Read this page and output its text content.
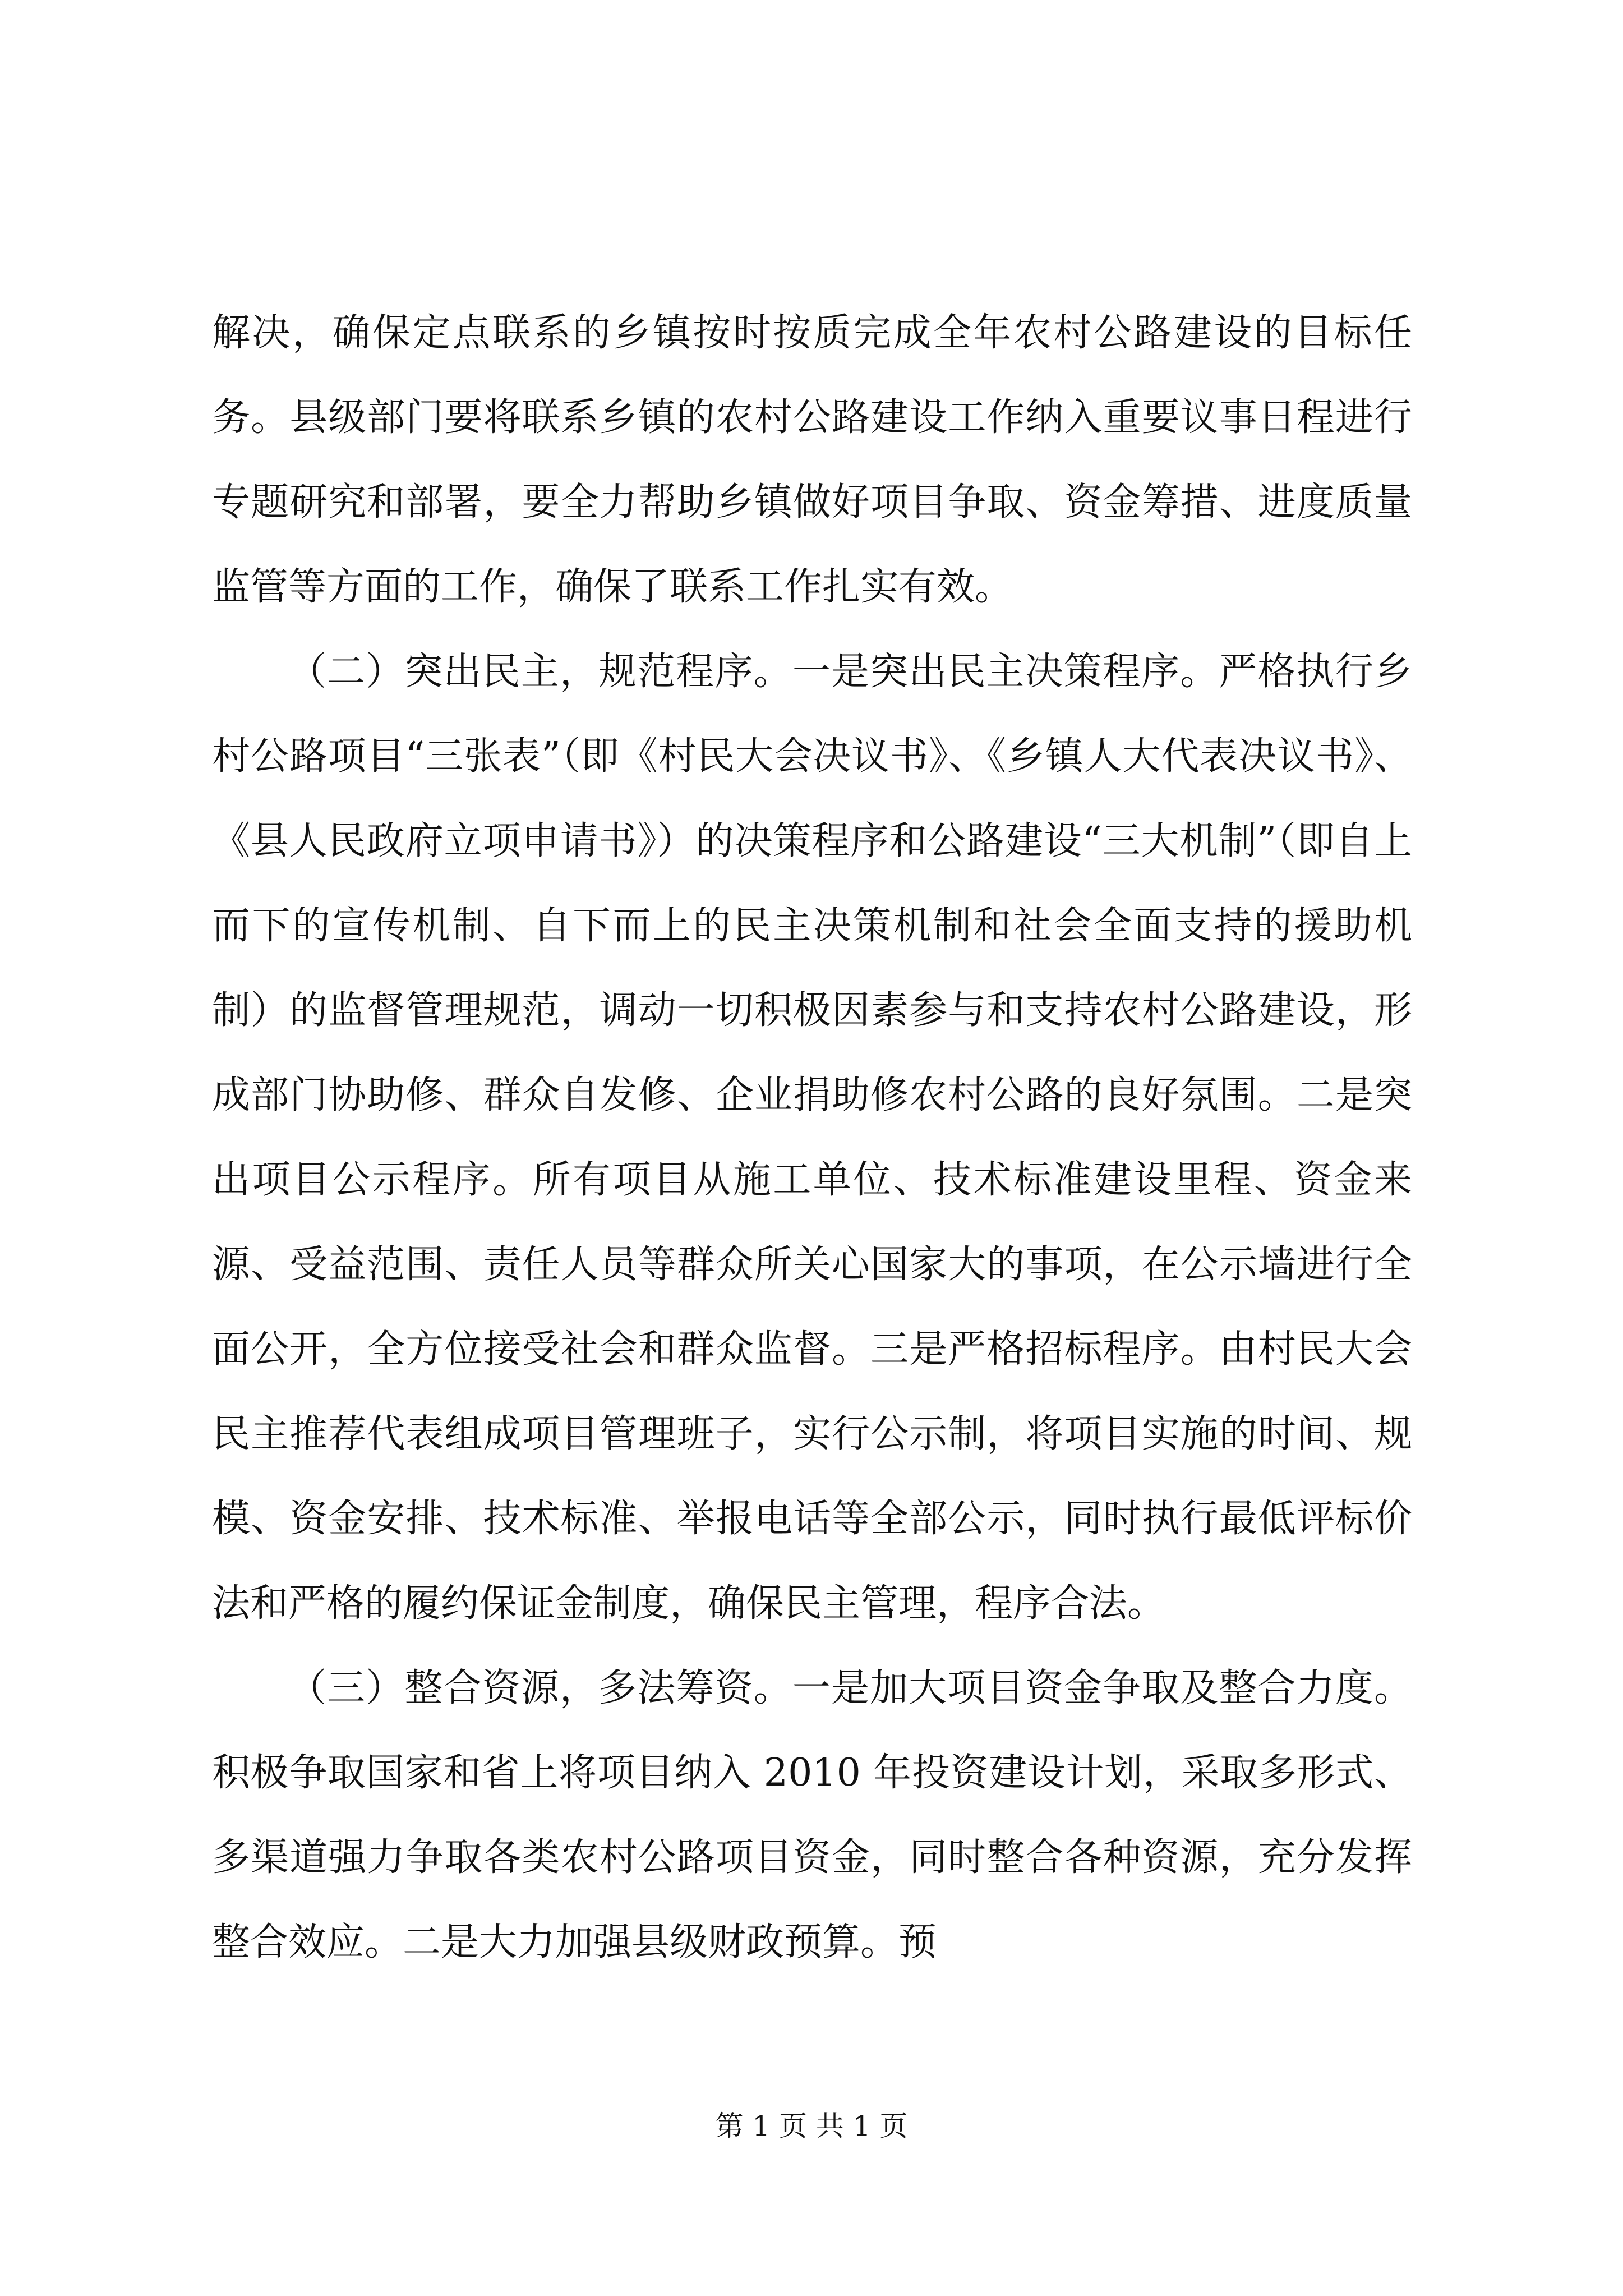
解决，确保定点联系的乡镇按时按质完成全年农村公路建设的目标任务。县级部门要将联系乡镇的农村公路建设工作纳入重要议事日程进行专题研究和部署，要全力帮助乡镇做好项目争取、资金筹措、进度质量监管等方面的工作，确保了联系工作扎实有效。

（二）突出民主，规范程序。一是突出民主决策程序。严格执行乡村公路项目“三张表”（即《村民大会决议书》、《乡镇人大代表决议书》、《县人民政府立项申请书》）的决策程序和公路建设“三大机制”（即自上而下的宣传机制、自下而上的民主决策机制和社会全面支持的援助机制）的监督管理规范，调动一切积极因素参与和支持农村公路建设，形成部门协助修、群众自发修、企业捐助修农村公路的良好氛围。二是突出项目公示程序。所有项目从施工单位、技术标准建设里程、资金来源、受益范围、责任人员等群众所关心国家大的事项，在公示墙进行全面公开，全方位接受社会和群众监督。三是严格招标程序。由村民大会民主推荐代表组成项目管理班子，实行公示制，将项目实施的时间、规模、资金安排、技术标准、举报电话等全部公示，同时执行最低评标价法和严格的履约保证金制度，确保民主管理，程序合法。

（三）整合资源，多法筹资。一是加大项目资金争取及整合力度。积极争取国家和省上将项目纳入 2010 年投资建设计划，采取多形式、多渠道强力争取各类农村公路项目资金，同时整合各种资源，充分发挥整合效应。二是大力加强县级财政预算。预

第 1 页 共 1 页
